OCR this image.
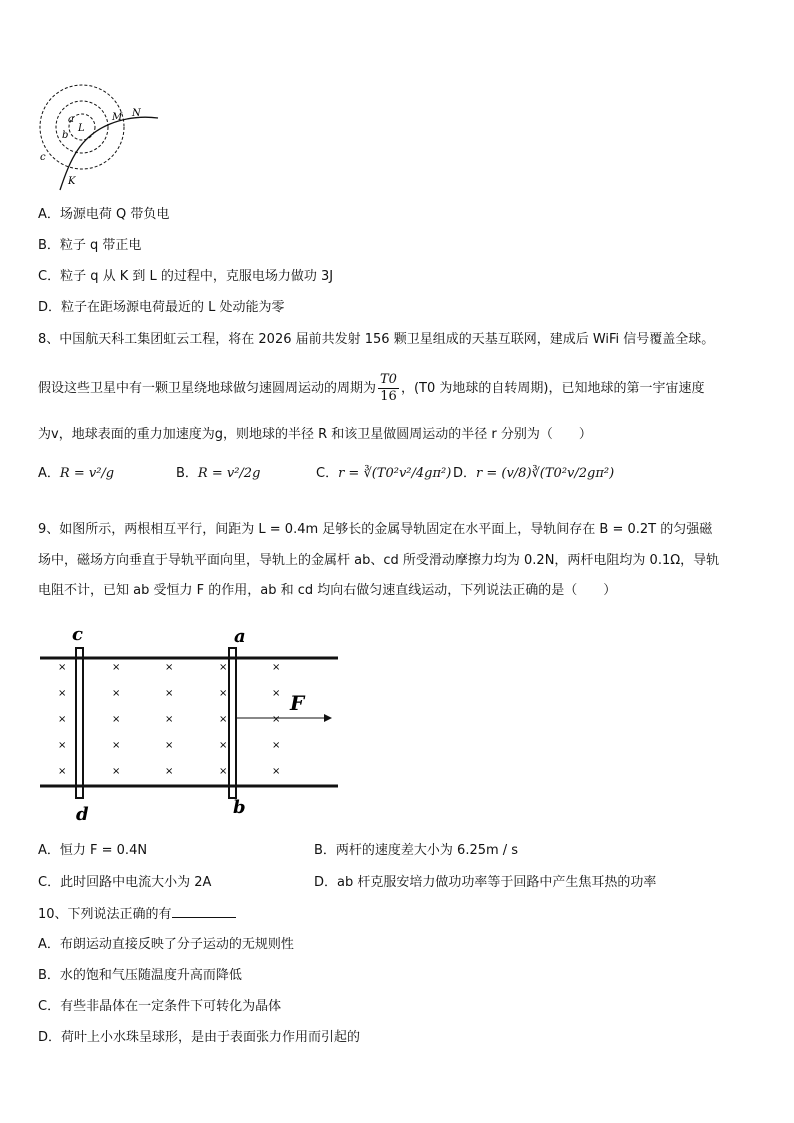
a
b
c
L
M N
K
A．场源电荷 Q 带负电
B．粒子 q 带正电
C．粒子 q 从 K 到 L 的过程中，克服电场力做功 3J
D．粒子在距场源电荷最近的 L 处动能为零
8、中国航天科工集团虹云工程，将在 2026 届前共发射 156 颗卫星组成的天基互联网，建成后 WiFi 信号覆盖全球。
假设这些卫星中有一颗卫星绕地球做匀速圆周运动的周期为 $\frac{T0}{16}$ ，(T0 为地球的自转周期)，已知地球的第一宇宙速度
为v，地球表面的重力加速度为g，则地球的半径 R 和该卫星做圆周运动的半径 r 分别为（　　）
A．R = v²/g	B．R = v²/2g	C．r = ∛(T0²v²/4gπ²) D．r = (v/8)∛(T0²v/2gπ²)
9、如图所示，两根相互平行，间距为 L = 0.4m 足够长的金属导轨固定在水平面上，导轨间存在 B = 0.2T 的匀强磁
场中，磁场方向垂直于导轨平面向里，导轨上的金属杆 ab、cd 所受滑动摩擦力均为 0.2N，两杆电阻均为 0.1Ω，导轨
电阻不计，已知 ab 受恒力 F 的作用，ab 和 cd 均向右做匀速直线运动，下列说法正确的是（　　）
×
×
×
×
×
×
×
×
×
×
×
×
×
×
×
×
×
×
×
×
×
×
×
×
×
F
c	a
d	b
A．恒力 F = 0.4N	B．两杆的速度差大小为 6.25m / s
C．此时回路中电流大小为 2A	D．ab 杆克服安培力做功功率等于回路中产生焦耳热的功率
10、下列说法正确的有
A．布朗运动直接反映了分子运动的无规则性
B．水的饱和气压随温度升高而降低
C．有些非晶体在一定条件下可转化为晶体
D．荷叶上小水珠呈球形，是由于表面张力作用而引起的
